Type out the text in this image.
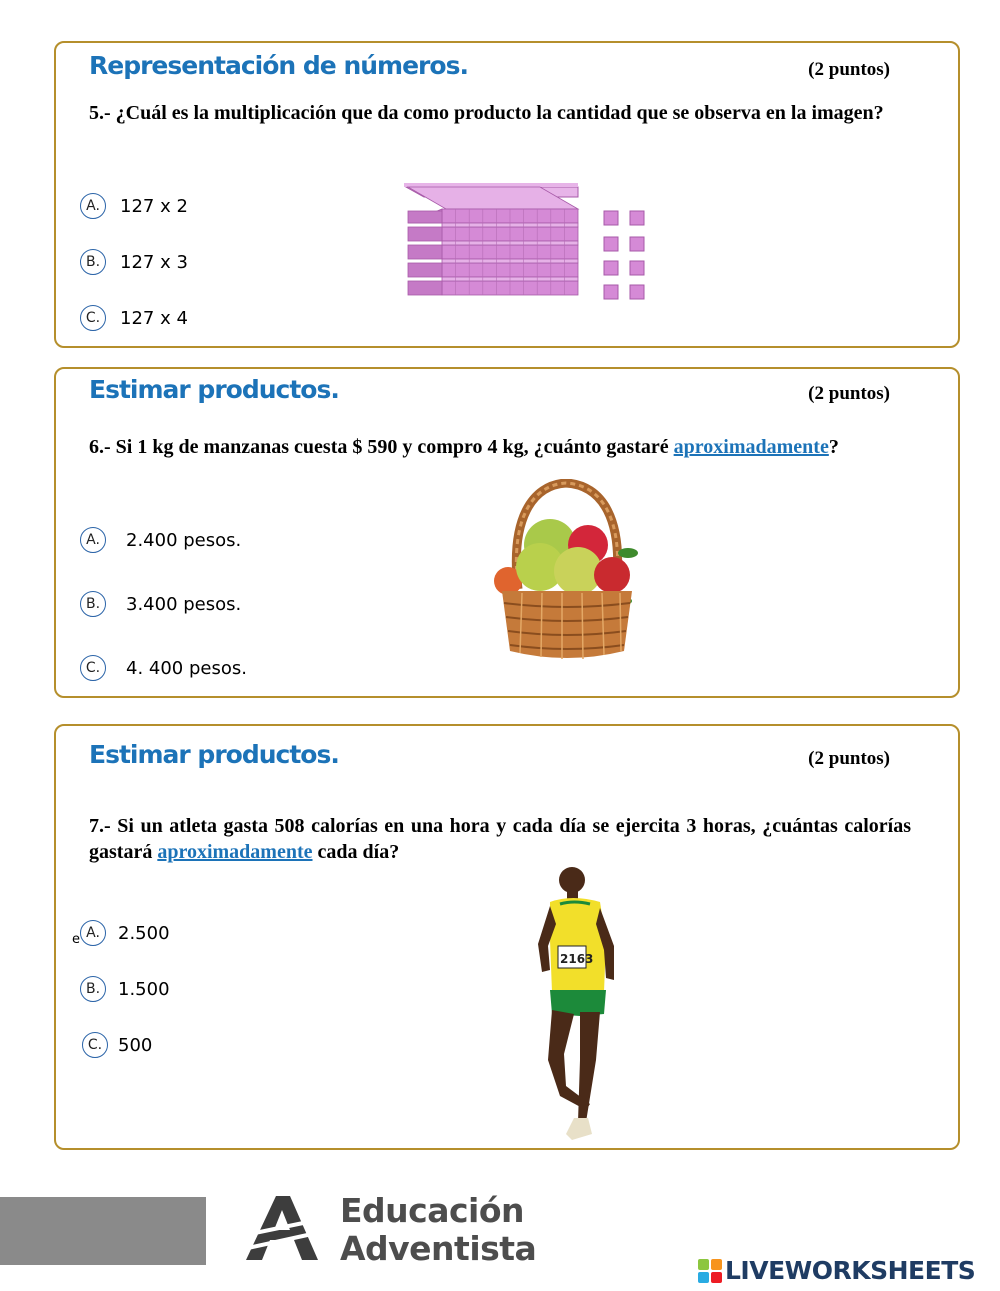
Representación de números.	(2 puntos)

5.- ¿Cuál es la multiplicación que da como producto la cantidad que se observa en la imagen?

A.	127 x 2
B.	127 x 3
C.	127 x 4
Estimar productos.	(2 puntos)

6.- Si 1 kg de manzanas cuesta $ 590 y compro 4 kg, ¿cuánto gastaré aproximadamente?

A.	2.400 pesos.
B.	3.400 pesos.
C.	4. 400 pesos.
Estimar productos.	(2 puntos)

7.- Si un atleta gasta 508 calorías en una hora y cada día se ejercita 3 horas, ¿cuántas calorías gastará aproximadamente cada día?

e A.	2.500
B. 1.500
C. 500
2163
Educación
Adventista
LIVEWORKSHEETS
